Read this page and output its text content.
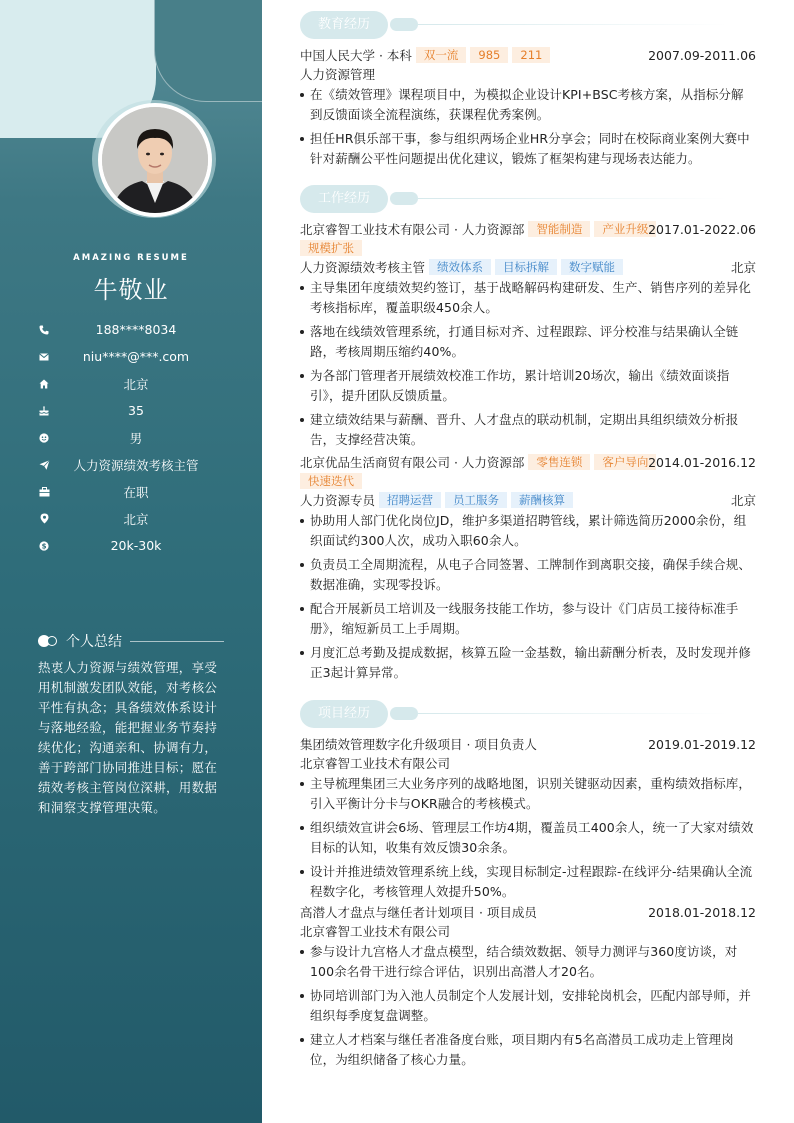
AMAZING RESUME
牛敬业
188****8034
niu****@***.com
北京
35
男
人力资源绩效考核主管
在职
北京
$	20k-30k
个人总结
热衷人力资源与绩效管理，享受用机制激发团队效能，对考核公平性有执念；具备绩效体系设计与落地经验，能把握业务节奏持续优化；沟通亲和、协调有力，善于跨部门协同推进目标；愿在绩效考核主管岗位深耕，用数据和洞察支撑管理决策。
教育经历
中国人民大学 · 本科 双一流 985 211	2007.09-2011.06
人力资源管理
在《绩效管理》课程项目中，为模拟企业设计KPI+BSC考核方案，从指标分解到反馈面谈全流程演练，获课程优秀案例。
担任HR俱乐部干事，参与组织两场企业HR分享会；同时在校际商业案例大赛中针对薪酬公平性问题提出优化建议，锻炼了框架构建与现场表达能力。
工作经历
北京睿智工业技术有限公司 · 人力资源部 智能制造 产业升级 2017.01-2022.06
规模扩张
人力资源绩效考核主管 绩效体系 目标拆解 数字赋能	北京
主导集团年度绩效契约签订，基于战略解码构建研发、生产、销售序列的差异化考核指标库，覆盖职级450余人。
落地在线绩效管理系统，打通目标对齐、过程跟踪、评分校准与结果确认全链路，考核周期压缩约40%。
为各部门管理者开展绩效校准工作坊，累计培训20场次，输出《绩效面谈指引》，提升团队反馈质量。
建立绩效结果与薪酬、晋升、人才盘点的联动机制，定期出具组织绩效分析报告，支撑经营决策。
北京优品生活商贸有限公司 · 人力资源部 零售连锁 客户导向 2014.01-2016.12
快速迭代
人力资源专员 招聘运营 员工服务 薪酬核算	北京
协助用人部门优化岗位JD，维护多渠道招聘管线，累计筛选简历2000余份，组织面试约300人次，成功入职60余人。
负责员工全周期流程，从电子合同签署、工牌制作到离职交接，确保手续合规、数据准确，实现零投诉。
配合开展新员工培训及一线服务技能工作坊，参与设计《门店员工接待标准手册》，缩短新员工上手周期。
月度汇总考勤及提成数据，核算五险一金基数，输出薪酬分析表，及时发现并修正3起计算异常。
项目经历
集团绩效管理数字化升级项目 · 项目负责人	2019.01-2019.12
北京睿智工业技术有限公司
主导梳理集团三大业务序列的战略地图，识别关键驱动因素，重构绩效指标库，引入平衡计分卡与OKR融合的考核模式。
组织绩效宣讲会6场、管理层工作坊4期，覆盖员工400余人，统一了大家对绩效目标的认知，收集有效反馈30余条。
设计并推进绩效管理系统上线，实现目标制定-过程跟踪-在线评分-结果确认全流程数字化，考核管理人效提升50%。
高潜人才盘点与继任者计划项目 · 项目成员	2018.01-2018.12
北京睿智工业技术有限公司
参与设计九宫格人才盘点模型，结合绩效数据、领导力测评与360度访谈，对100余名骨干进行综合评估，识别出高潜人才20名。
协同培训部门为入池人员制定个人发展计划，安排轮岗机会，匹配内部导师，并组织每季度复盘调整。
建立人才档案与继任者准备度台账，项目期内有5名高潜员工成功走上管理岗位，为组织储备了核心力量。
